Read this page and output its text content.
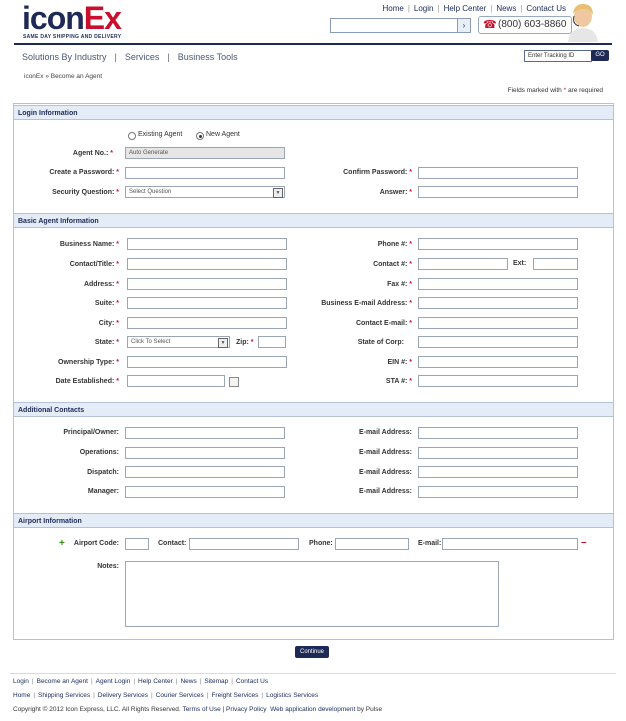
iconEx
SAME DAY SHIPPING AND DELIVERY
Home | Login | Help Center | News | Contact Us
›	☎ (800) 603-8860
Solutions By Industry | Services | Business Tools	Enter Tracking ID	GO
iconEx » Become an Agent
Fields marked with * are required
Login Information
Existing Agent	New Agent
Agent No.: *	Auto Generate
Create a Password: *	Confirm Password: *
Security Question: *	Select Question	▼	Answer: *
Basic Agent Information
Business Name: *	Phone #: *
Contact/Title: *	Contact #: *	Ext:
Address: *	Fax #: *
Suite: *	Business E-mail Address: *
City: *	Contact E-mail: *
State: *	Click To Select	▼	Zip: *	State of Corp:
Ownership Type: *	EIN #: *
Date Established: *	STA #: *
Additional Contacts
Principal/Owner:	E-mail Address:
Operations:	E-mail Address:
Dispatch:	E-mail Address:
Manager:	E-mail Address:
Airport Information
+ Airport Code:	Contact:	Phone:	E-mail:	–
Notes:
Continue
Login | Become an Agent | Agent Login | Help Center | News | Sitemap | Contact Us
Home | Shipping Services | Delivery Services | Courier Services | Freight Services | Logistics Services
Copyright © 2012 Icon Express, LLC. All Rights Reserved. Terms of Use | Privacy Policy Web application development by Pulse
